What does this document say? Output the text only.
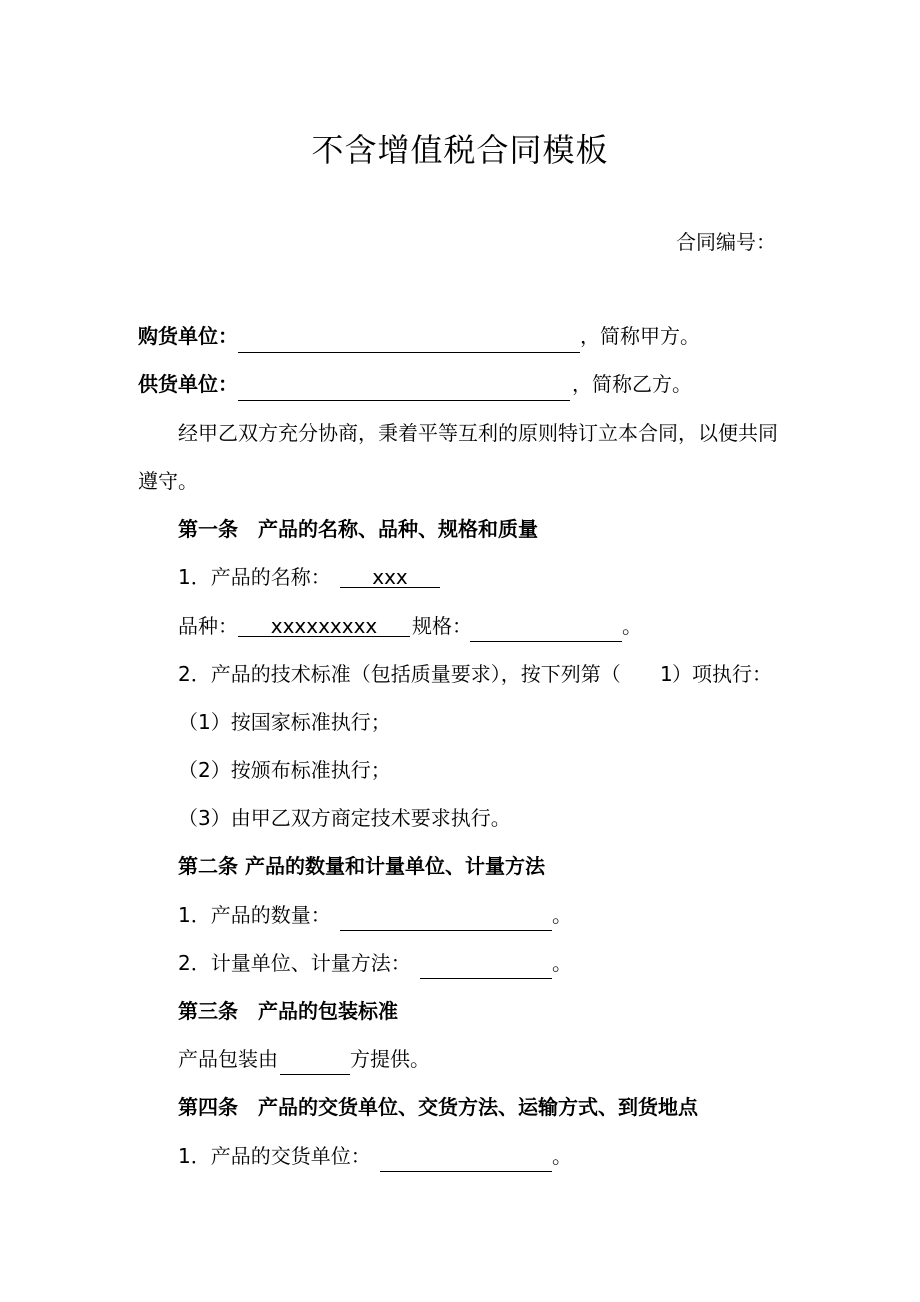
不含增值税合同模板
合同编号：
购货单位：	，简称甲方。
供货单位：	，简称乙方。
经甲乙双方充分协商，秉着平等互利的原则特订立本合同，以便共同
遵守。
第一条　产品的名称、品种、规格和质量
1．产品的名称：	xxx
品种：	xxxxxxxxx	规格：	。
2．产品的技术标准（包括质量要求），按下列第（ 1 ）项执行：
（1）按国家标准执行；
（2）按颁布标准执行；
（3）由甲乙双方商定技术要求执行。
第二条 产品的数量和计量单位、计量方法
1．产品的数量：	。
2．计量单位、计量方法：	。
第三条　产品的包装标准
产品包装由	方提供。
第四条　产品的交货单位、交货方法、运输方式、到货地点
1．产品的交货单位：	。
